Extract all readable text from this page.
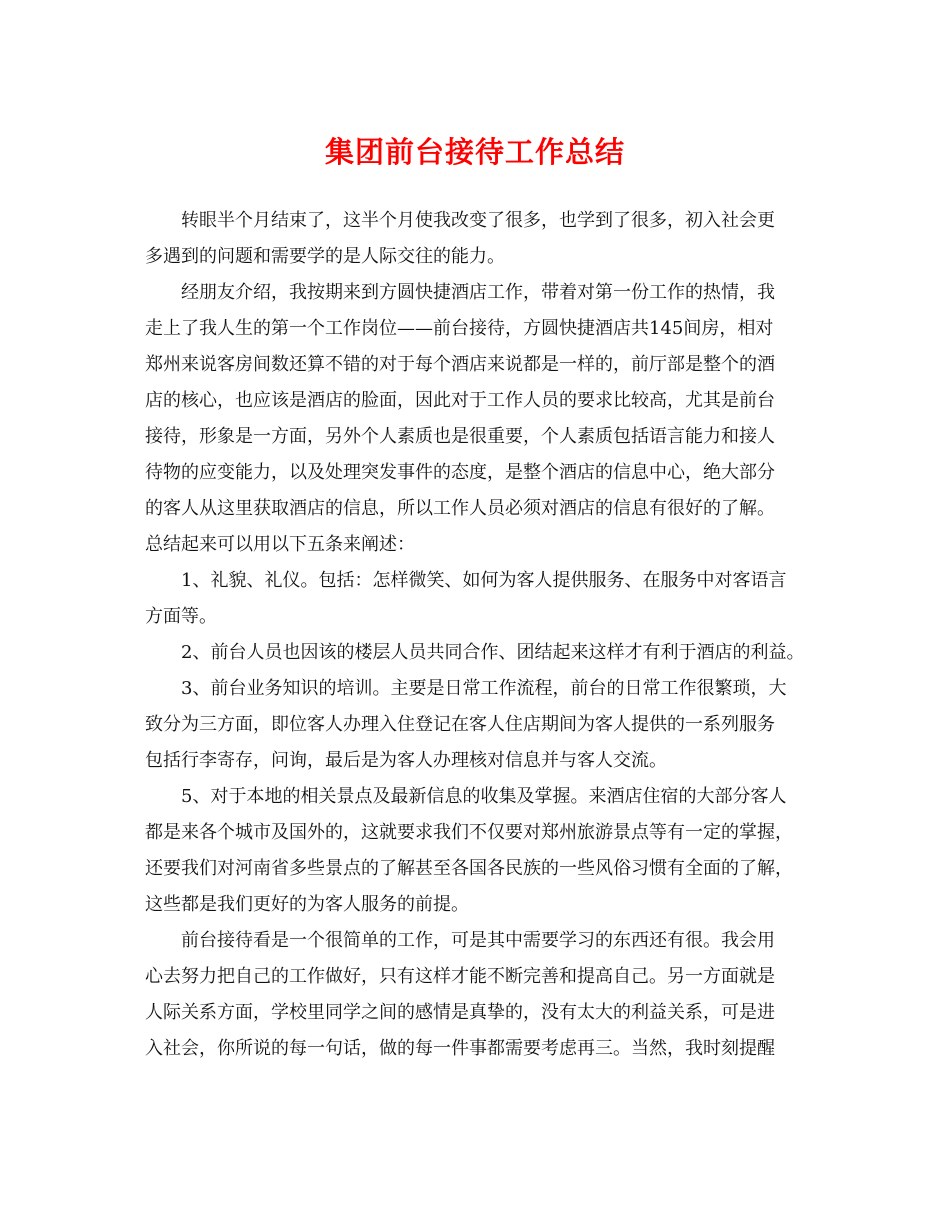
集团前台接待工作总结
转眼半个月结束了，这半个月使我改变了很多，也学到了很多，初入社会更
多遇到的问题和需要学的是人际交往的能力。
经朋友介绍，我按期来到方圆快捷酒店工作，带着对第一份工作的热情，我
走上了我人生的第一个工作岗位——前台接待，方圆快捷酒店共145间房，相对
郑州来说客房间数还算不错的对于每个酒店来说都是一样的，前厅部是整个的酒
店的核心，也应该是酒店的脸面，因此对于工作人员的要求比较高，尤其是前台
接待，形象是一方面，另外个人素质也是很重要，个人素质包括语言能力和接人
待物的应变能力，以及处理突发事件的态度，是整个酒店的信息中心，绝大部分
的客人从这里获取酒店的信息，所以工作人员必须对酒店的信息有很好的了解。
总结起来可以用以下五条来阐述：
1、礼貌、礼仪。包括：怎样微笑、如何为客人提供服务、在服务中对客语言
方面等。
2、前台人员也因该的楼层人员共同合作、团结起来这样才有利于酒店的利益。
3、前台业务知识的培训。主要是日常工作流程，前台的日常工作很繁琐，大
致分为三方面，即位客人办理入住登记在客人住店期间为客人提供的一系列服务
包括行李寄存，问询，最后是为客人办理核对信息并与客人交流。
5、对于本地的相关景点及最新信息的收集及掌握。来酒店住宿的大部分客人
都是来各个城市及国外的，这就要求我们不仅要对郑州旅游景点等有一定的掌握，
还要我们对河南省多些景点的了解甚至各国各民族的一些风俗习惯有全面的了解，
这些都是我们更好的为客人服务的前提。
前台接待看是一个很简单的工作，可是其中需要学习的东西还有很。我会用
心去努力把自己的工作做好，只有这样才能不断完善和提高自己。另一方面就是
人际关系方面，学校里同学之间的感情是真挚的，没有太大的利益关系，可是进
入社会，你所说的每一句话，做的每一件事都需要考虑再三。当然，我时刻提醒
